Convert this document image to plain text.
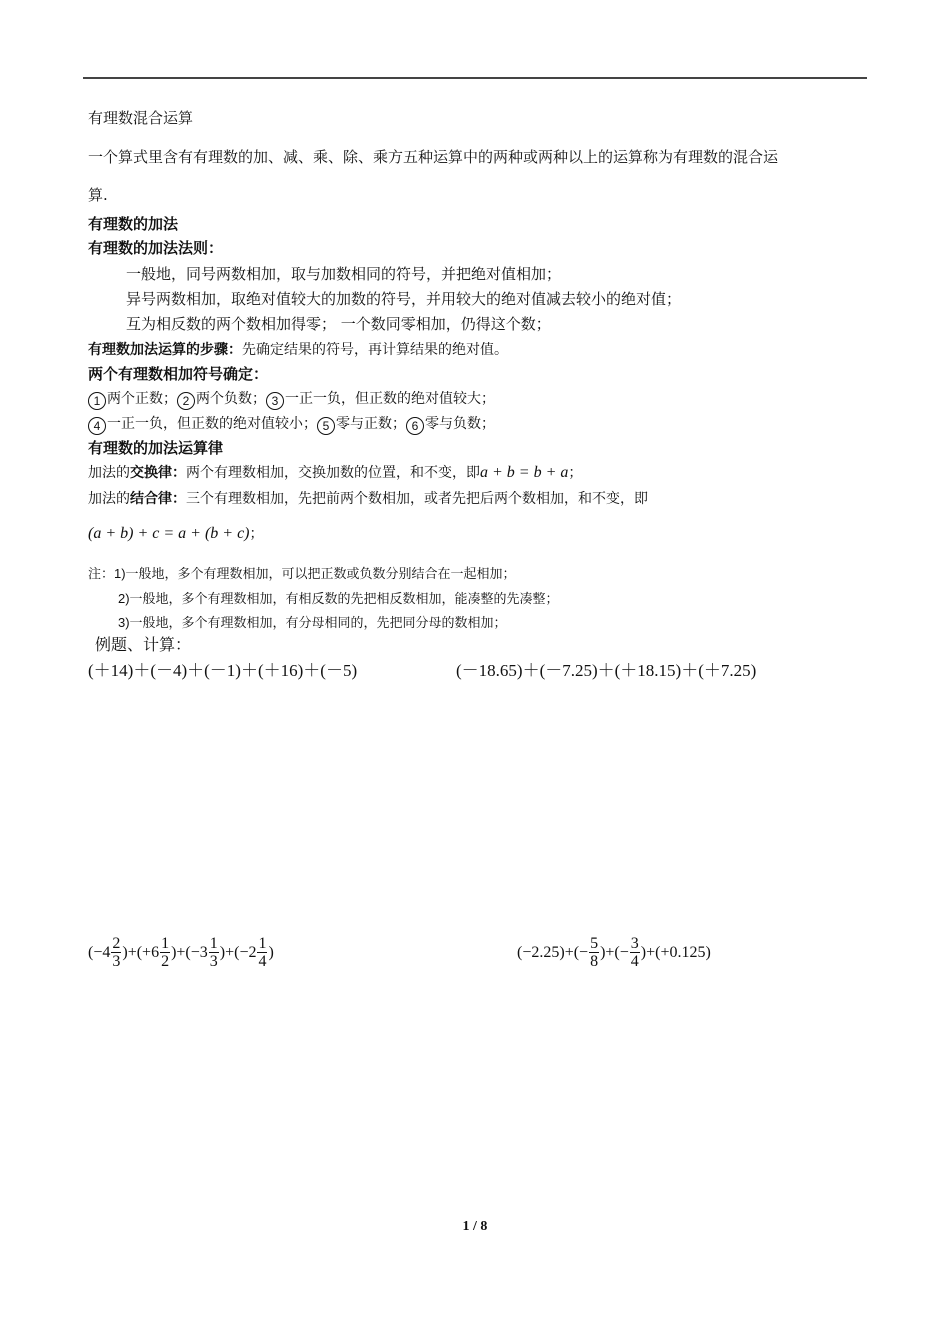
有理数混合运算
一个算式里含有有理数的加、减、乘、除、乘方五种运算中的两种或两种以上的运算称为有理数的混合运
算.
有理数的加法
有理数的加法法则：
一般地，同号两数相加，取与加数相同的符号，并把绝对值相加；
异号两数相加，取绝对值较大的加数的符号，并用较大的绝对值减去较小的绝对值；
互为相反数的两个数相加得零； 一个数同零相加，仍得这个数；
有理数加法运算的步骤：先确定结果的符号，再计算结果的绝对值。
两个有理数相加符号确定：
1 两个正数； 2 两个负数； 3 一正一负，但正数的绝对值较大；
4 一正一负，但正数的绝对值较小； 5 零与正数； 6 零与负数；
有理数的加法运算律
加法的交换律：两个有理数相加，交换加数的位置，和不变，即a + b = b + a；
加法的结合律：三个有理数相加，先把前两个数相加，或者先把后两个数相加，和不变，即
(a + b) + c = a + (b + c)；
注：1)一般地，多个有理数相加，可以把正数或负数分别结合在一起相加；
2)一般地，多个有理数相加，有相反数的先把相反数相加，能凑整的先凑整；
3)一般地，多个有理数相加，有分母相同的，先把同分母的数相加；
例题、计算：
(＋14)＋(－4)＋(－1)＋(＋16)＋(－5)	(－18.65)＋(－7.25)＋(＋18.15)＋(＋7.25)
($-4 \frac{2}{3}$ ) $+(+6 \frac{1}{2}$ ) $+(-3 \frac{1}{3}$ ) $+(-2 \frac{1}{4}$ )	(−2.25) +(− $\frac{5}{8}$ ) +(− $\frac{3}{4}$ ) +(+0.125)
1 / 8
